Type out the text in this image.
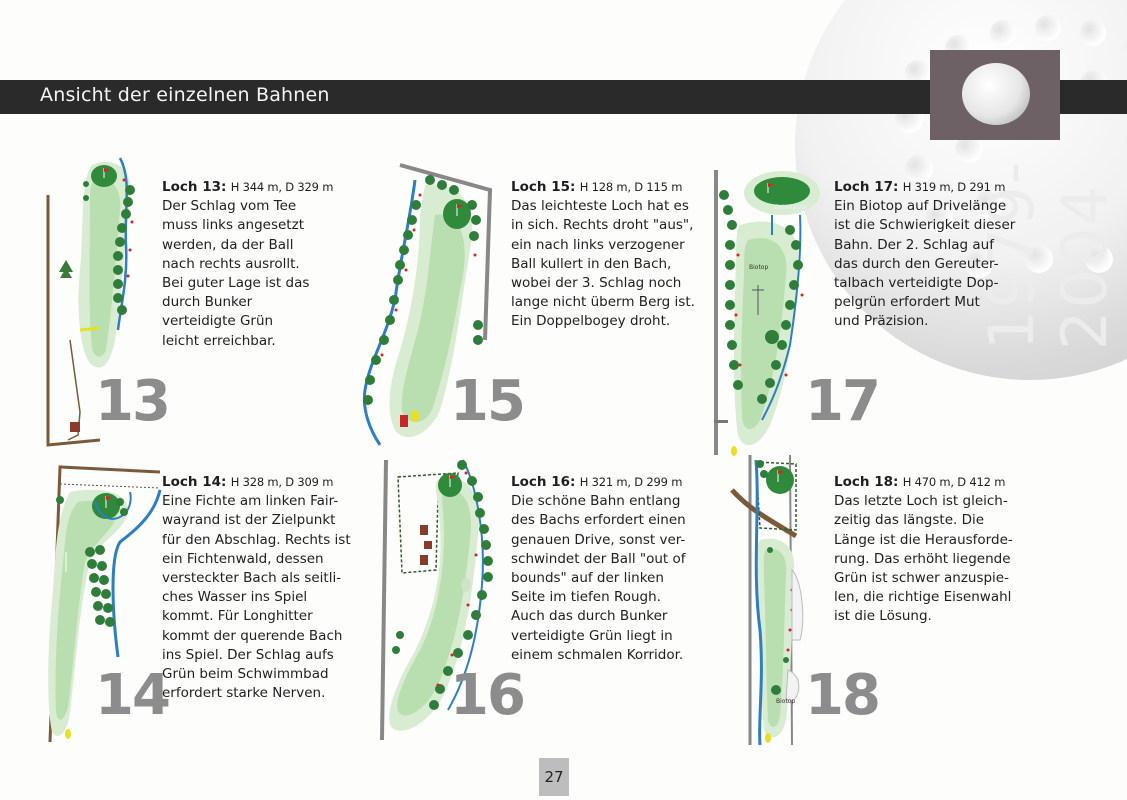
Ansicht der einzelnen Bahnen
1979-2004
13
Loch 13: H 344 m, D 329 m
Der Schlag vom Tee
muss links angesetzt
werden, da der Ball
nach rechts ausrollt.
Bei guter Lage ist das
durch Bunker
verteidigte Grün
leicht erreichbar.
15
Loch 15: H 128 m, D 115 m
Das leichteste Loch hat es
in sich. Rechts droht "aus",
ein nach links verzogener
Ball kullert in den Bach,
wobei der 3. Schlag noch
lange nicht überm Berg ist.
Ein Doppelbogey droht.
Biotop
Drivelänge
17
Loch 17: H 319 m, D 291 m
Ein Biotop auf Drivelänge
ist die Schwierigkeit dieser
Bahn. Der 2. Schlag auf
das durch den Gereuter-
talbach verteidigte Dop-
pelgrün erfordert Mut
und Präzision.
14
Loch 14: H 328 m, D 309 m
Eine Fichte am linken Fair-
wayrand ist der Zielpunkt
für den Abschlag. Rechts ist
ein Fichtenwald, dessen
versteckter Bach als seitli-
ches Wasser ins Spiel
kommt. Für Longhitter
kommt der querende Bach
ins Spiel. Der Schlag aufs
Grün beim Schwimmbad
erfordert starke Nerven.	16
Loch 16: H 321 m, D 299 m
Die schöne Bahn entlang
des Bachs erfordert einen
genauen Drive, sonst ver-
schwindet der Ball "out of
bounds" auf der linken
Seite im tiefen Rough.
Auch das durch Bunker
verteidigte Grün liegt in
einem schmalen Korridor.
Biotop 18
Loch 18: H 470 m, D 412 m
Das letzte Loch ist gleich-
zeitig das längste. Die
Länge ist die Herausforde-
rung. Das erhöht liegende
Grün ist schwer anzuspie-
len, die richtige Eisenwahl
ist die Lösung.
27
